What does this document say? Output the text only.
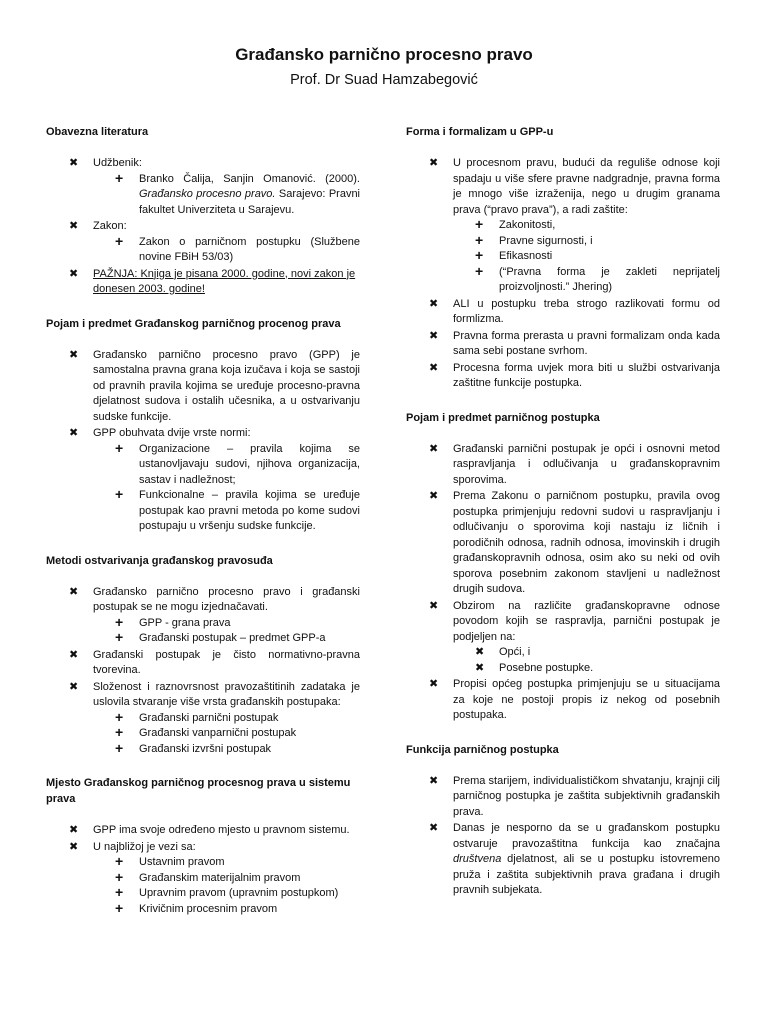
Građansko parnično procesno pravo
Prof. Dr Suad Hamzabegović
Obavezna literatura
✖	Udžbenik:
+ Branko Čalija, Sanjin Omanović. (2000). Građansko procesno pravo. Sarajevo: Pravni fakultet Univerziteta u Sarajevu.
✖	Zakon:
+ Zakon o parničnom postupku (Službene novine FBiH 53/03)
✖	PAŽNJA: Knjiga je pisana 2000. godine, novi zakon je donesen 2003. godine!
Pojam i predmet Građanskog parničnog procenog prava
✖	Građansko parnično procesno pravo (GPP) je samostalna pravna grana koja izučava i koja se sastoji od pravnih pravila kojima se uređuje procesno-pravna djelatnost sudova i ostalih učesnika, a u ostvarivanju sudske funkcije.
✖	GPP obuhvata dvije vrste normi:
+ Organizacione – pravila kojima se ustanovljavaju sudovi, njihova organizacija, sastav i nadležnost;
+ Funkcionalne – pravila kojima se uređuje postupak kao pravni metoda po kome sudovi postupaju u vršenju sudske funkcije.
Metodi ostvarivanja građanskog pravosuđa
✖	Građansko parnično procesno pravo i građanski postupak se ne mogu izjednačavati.
+ GPP - grana prava
+ Građanski postupak – predmet GPP-a
✖	Građanski postupak je čisto normativno-pravna tvorevina.
✖	Složenost i raznovrsnost pravozaštitinih zadataka je uslovila stvaranje više vrsta građanskih postupaka:
+ Građanski parnični postupak
+ Građanski vanparnični postupak
+ Građanski izvršni postupak
Mjesto Građanskog parničnog procesnog prava u sistemu prava
✖	GPP ima svoje određeno mjesto u pravnom sistemu.
✖	U najbližoj je vezi sa:
+ Ustavnim pravom
+ Građanskim materijalnim pravom
+ Upravnim pravom (upravnim postupkom)
+ Krivičnim procesnim pravom
Forma i formalizam u GPP-u
✖	U procesnom pravu, budući da reguliše odnose koji spadaju u više sfere pravne nadgradnje, pravna forma je mnogo više izraženija, nego u drugim granama prava (“pravo prava”), a radi zaštite:
+ Zakonitosti,
+ Pravne sigurnosti, i
+ Efikasnosti
+ (“Pravna forma je zakleti neprijatelj proizvoljnosti.” Jhering)
✖	ALI u postupku treba strogo razlikovati formu od formlizma.
✖	Pravna forma prerasta u pravni formalizam onda kada sama sebi postane svrhom.
✖	Procesna forma uvjek mora biti u službi ostvarivanja zaštitne funkcije postupka.
Pojam i predmet parničnog postupka
✖	Građanski parnični postupak je opći i osnovni metod raspravljanja i odlučivanja u građanskopravnim sporovima.
✖	Prema Zakonu o parničnom postupku, pravila ovog postupka primjenjuju redovni sudovi u raspravljanju i odlučivanju o sporovima koji nastaju iz ličnih i porodičnih odnosa, radnih odnosa, imovinskih i drugih građanskopravnih odnosa, osim ako su neki od ovih sporova posebnim zakonom stavljeni u nadležnost drugih sudova.
✖	Obzirom na različite građanskopravne odnose povodom kojih se raspravlja, parnični postupak je podjeljen na:
✖ Opći, i
✖ Posebne postupke.
✖	Propisi općeg postupka primjenjuju se u situacijama za koje ne postoji propis iz nekog od posebnih postupaka.
Funkcija parničnog postupka
✖	Prema starijem, individualističkom shvatanju, krajnji cilj parničnog postupka je zaštita subjektivnih građanskih prava.
✖	Danas je nesporno da se u građanskom postupku ostvaruje pravozaštitna funkcija kao značajna društvena djelatnost, ali se u postupku istovremeno pruža i zaštita subjektivnih prava građana i drugih pravnih subjekata.
